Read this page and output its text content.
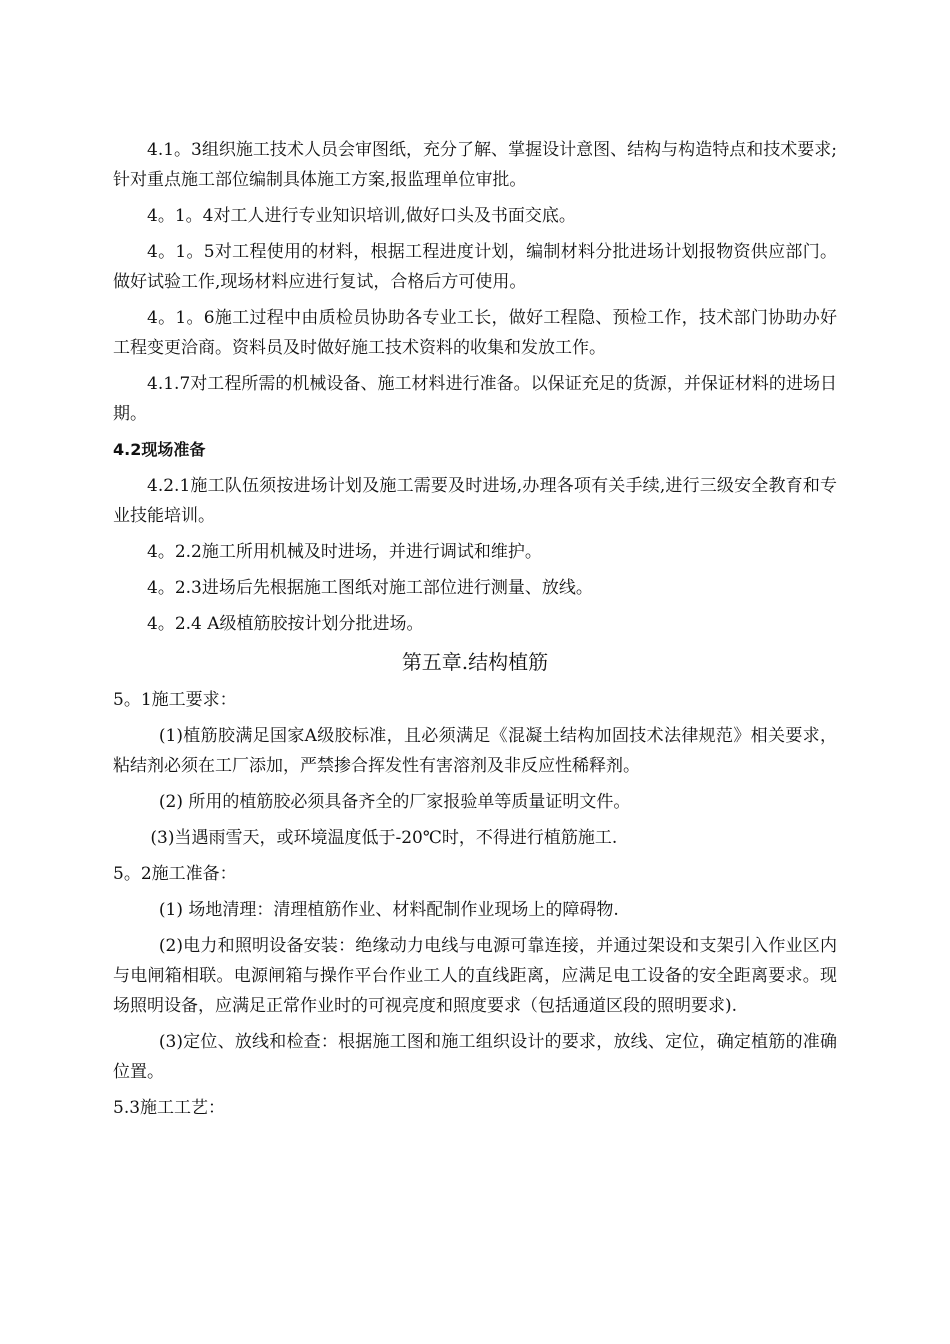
4.1。3组织施工技术人员会审图纸，充分了解、掌握设计意图、结构与构造特点和技术要求;针对重点施工部位编制具体施工方案,报监理单位审批。

4。1。4对工人进行专业知识培训,做好口头及书面交底。

4。1。5对工程使用的材料，根据工程进度计划，编制材料分批进场计划报物资供应部门。做好试验工作,现场材料应进行复试，合格后方可使用。

4。1。6施工过程中由质检员协助各专业工长，做好工程隐、预检工作，技术部门协助办好工程变更洽商。资料员及时做好施工技术资料的收集和发放工作。

4.1.7对工程所需的机械设备、施工材料进行准备。以保证充足的货源，并保证材料的进场日期。

4.2现场准备

4.2.1施工队伍须按进场计划及施工需要及时进场,办理各项有关手续,进行三级安全教育和专业技能培训。

4。2.2施工所用机械及时进场，并进行调试和维护。

4。2.3进场后先根据施工图纸对施工部位进行测量、放线。

4。2.4 A级植筋胶按计划分批进场。

第五章.结构植筋

5。1施工要求：

(1)植筋胶满足国家A级胶标准，且必须满足《混凝土结构加固技术法律规范》相关要求，粘结剂必须在工厂添加，严禁掺合挥发性有害溶剂及非反应性稀释剂。

(2) 所用的植筋胶必须具备齐全的厂家报验单等质量证明文件。

(3)当遇雨雪天，或环境温度低于-20℃时，不得进行植筋施工.

5。2施工准备：

(1) 场地清理：清理植筋作业、材料配制作业现场上的障碍物.

(2)电力和照明设备安装：绝缘动力电线与电源可靠连接，并通过架设和支架引入作业区内与电闸箱相联。电源闸箱与操作平台作业工人的直线距离，应满足电工设备的安全距离要求。现场照明设备，应满足正常作业时的可视亮度和照度要求（包括通道区段的照明要求).

(3)定位、放线和检查：根据施工图和施工组织设计的要求，放线、定位，确定植筋的准确位置。

5.3施工工艺：
